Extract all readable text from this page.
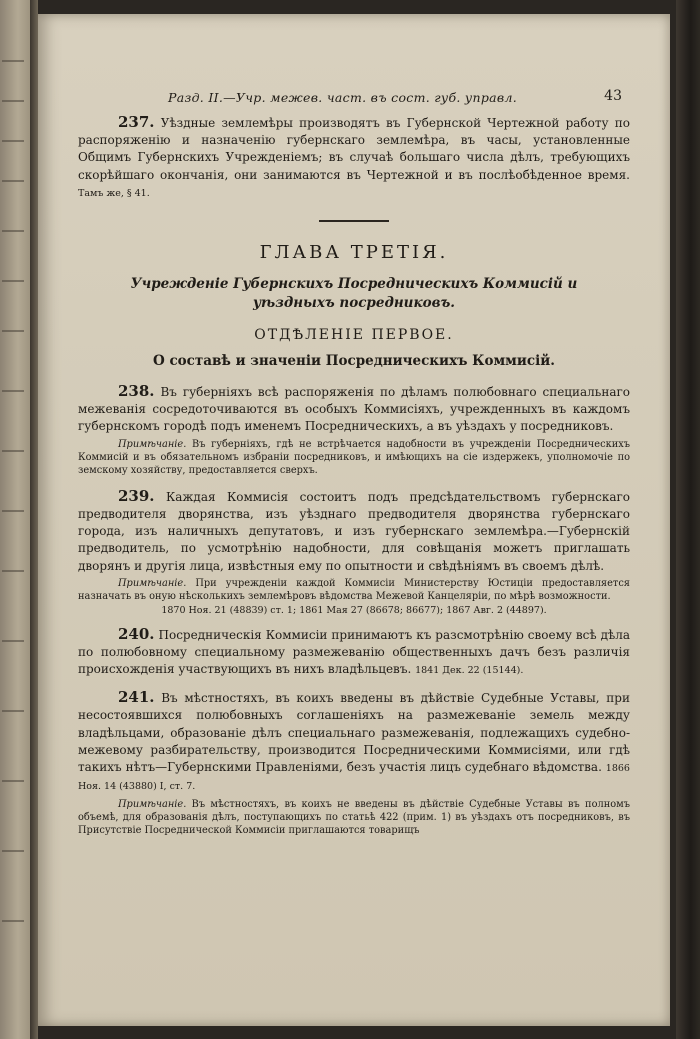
Разд. II.—Учр. межев. част. въ сост. губ. управл.	43

237. Уѣздные землемѣры производятъ въ Губернской Чертежной работу по распоряженію и назначенію губернскаго землемѣра, въ часы, установленные Общимъ Губернскихъ Учрежденіемъ; въ случаѣ большаго числа дѣлъ, требующихъ скорѣйшаго окончанія, они занимаются въ Чертежной и въ послѣобѣденное время. Тамъ же, § 41.

ГЛАВА ТРЕТІЯ.
Учрежденіе Губернскихъ Посредническихъ Коммисій и уѣздныхъ посредниковъ.
ОТДѢЛЕНІЕ ПЕРВОЕ.
О составѣ и значеніи Посредническихъ Коммисій.

238. Въ губерніяхъ всѣ распоряженія по дѣламъ полюбовнаго специальнаго межеванія сосредоточиваются въ особыхъ Коммисіяхъ, учрежденныхъ въ каждомъ губернскомъ городѣ подъ именемъ Посредническихъ, а въ уѣздахъ у посредниковъ.

Примѣчаніе. Въ губерніяхъ, гдѣ не встрѣчается надобности въ учрежденіи Посредническихъ Коммисій и въ обязательномъ избраніи посредниковъ, и имѣющихъ на сіе издержекъ, уполномочіе по земскому хозяйству, предоставляется сверхъ.

239. Каждая Коммисія состоитъ подъ предсѣдательствомъ губернскаго предводителя дворянства, изъ уѣзднаго предводителя дворянства губернскаго города, изъ наличныхъ депутатовъ, и изъ губернскаго землемѣра.—Губернскій предводитель, по усмотрѣнію надобности, для совѣщанія можетъ приглашать дворянъ и другія лица, извѣстныя ему по опытности и свѣдѣніямъ въ своемъ дѣлѣ.

Примѣчаніе. При учрежденіи каждой Коммисіи Министерству Юстиціи предоставляется назначать въ оную нѣсколькихъ землемѣровъ вѣдомства Межевой Канцеляріи, по мѣрѣ возможности.

1870 Ноя. 21 (48839) ст. 1; 1861 Мая 27 (86678; 86677); 1867 Авг. 2 (44897).

240. Посредническія Коммисіи принимаютъ къ разсмотрѣнію своему всѣ дѣла по полюбовному специальному размежеванію общественныхъ дачъ безъ различія происхожденія участвующихъ въ нихъ владѣльцевъ. 1841 Дек. 22 (15144).

241. Въ мѣстностяхъ, въ коихъ введены въ дѣйствіе Судебные Уставы, при несостоявшихся полюбовныхъ соглашеніяхъ на размежеваніе земель между владѣльцами, образованіе дѣлъ специальнаго размежеванія, подлежащихъ судебно-межевому разбирательству, производится Посредническими Коммисіями, или гдѣ такихъ нѣтъ—Губернскими Правленіями, безъ участія лицъ судебнаго вѣдомства. 1866 Ноя. 14 (43880) I, ст. 7.

Примѣчаніе. Въ мѣстностяхъ, въ коихъ не введены въ дѣйствіе Судебные Уставы въ полномъ объемѣ, для образованія дѣлъ, поступающихъ по статьѣ 422 (прим. 1) въ уѣздахъ отъ посредниковъ, въ Присутствіе Посреднической Коммисіи приглашаются товарищъ
